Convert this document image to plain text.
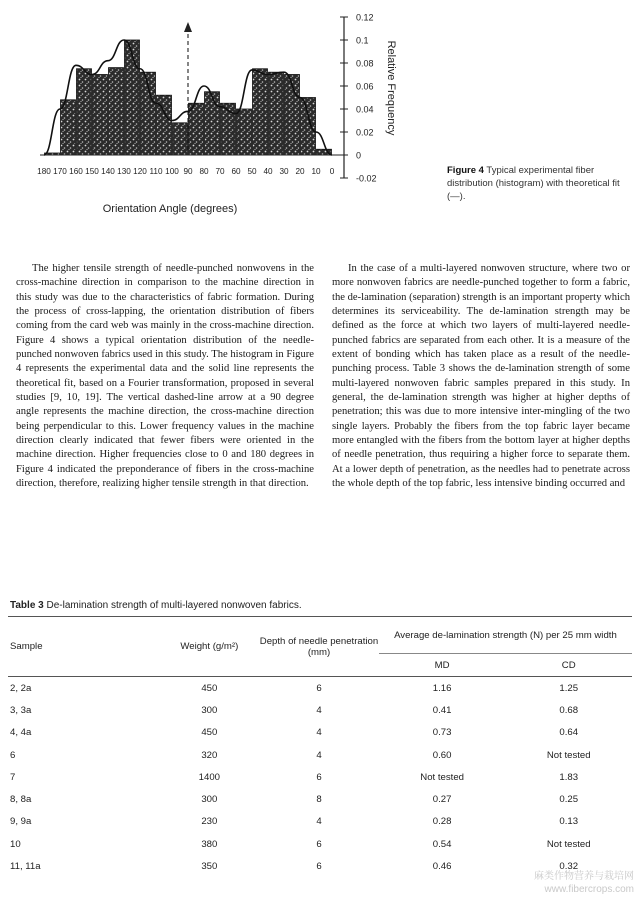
0.12
0.1
0.08
0.06
0.04
0.02
0
-0.02
180 170 160 150 140 130 120 110 100 90 80 70 60 50 40 30 20 10 0
Orientation Angle (degrees)
Relative Frequency
Figure 4 Typical experimental fiber distribution (histogram) with theoretical fit (—).

The higher tensile strength of needle-punched nonwovens in the cross-machine direction in comparison to the machine direction in this study was due to the characteristics of fabric formation. During the process of cross-lapping, the orientation distribution of fibers coming from the card web was mainly in the cross-machine direction. Figure 4 shows a typical orientation distribution of the needle-punched nonwoven fabrics used in this study. The histogram in Figure 4 represents the experimental data and the solid line represents the theoretical fit, based on a Fourier transformation, proposed in several studies [9, 10, 19]. The vertical dashed-line arrow at a 90 degree angle represents the machine direction, the cross-machine direction being perpendicular to this. Lower frequency values in the machine direction clearly indicated that fewer fibers were oriented in the machine direction. Higher frequencies close to 0 and 180 degrees in Figure 4 indicated the preponderance of fibers in the cross-machine direction, therefore, realizing higher tensile strength in that direction.

In the case of a multi-layered nonwoven structure, where two or more nonwoven fabrics are needle-punched together to form a fabric, the de-lamination (separation) strength is an important property which determines its serviceability. The de-lamination strength may be defined as the force at which two layers of multi-layered needle-punched fabrics are separated from each other. It is a measure of the extent of bonding which has taken place as a result of the needle-punching process. Table 3 shows the de-lamination strength of some multi-layered nonwoven fabric samples prepared in this study. In general, the de-lamination strength was higher at higher depths of penetration; this was due to more intensive inter-mingling of the two single layers. Probably the fibers from the top fabric layer became more entangled with the fibers from the bottom layer at higher depths of needle penetration, thus requiring a higher force to separate them. At a lower depth of penetration, as the needles had to penetrate across the whole depth of the top fabric, less intensive binding occurred and

Table 3 De-lamination strength of multi-layered nonwoven fabrics.
Sample	Weight (g/m²)	Depth of needle penetration (mm)	Average de-lamination strength (N) per 25 mm width	
			MD	CD
2, 2a	450	6	1.16	1.25
3, 3a	300	4	0.41	0.68
4, 4a	450	4	0.73	0.64
6	320	4	0.60	Not tested
7	1400	6	Not tested	1.83
8, 8a	300	8	0.27	0.25
9, 9a	230	4	0.28	0.13
10	380	6	0.54	Not tested
11, 11a	350	6	0.46	0.32
麻类作物营养与栽培网
www.fibercrops.com
